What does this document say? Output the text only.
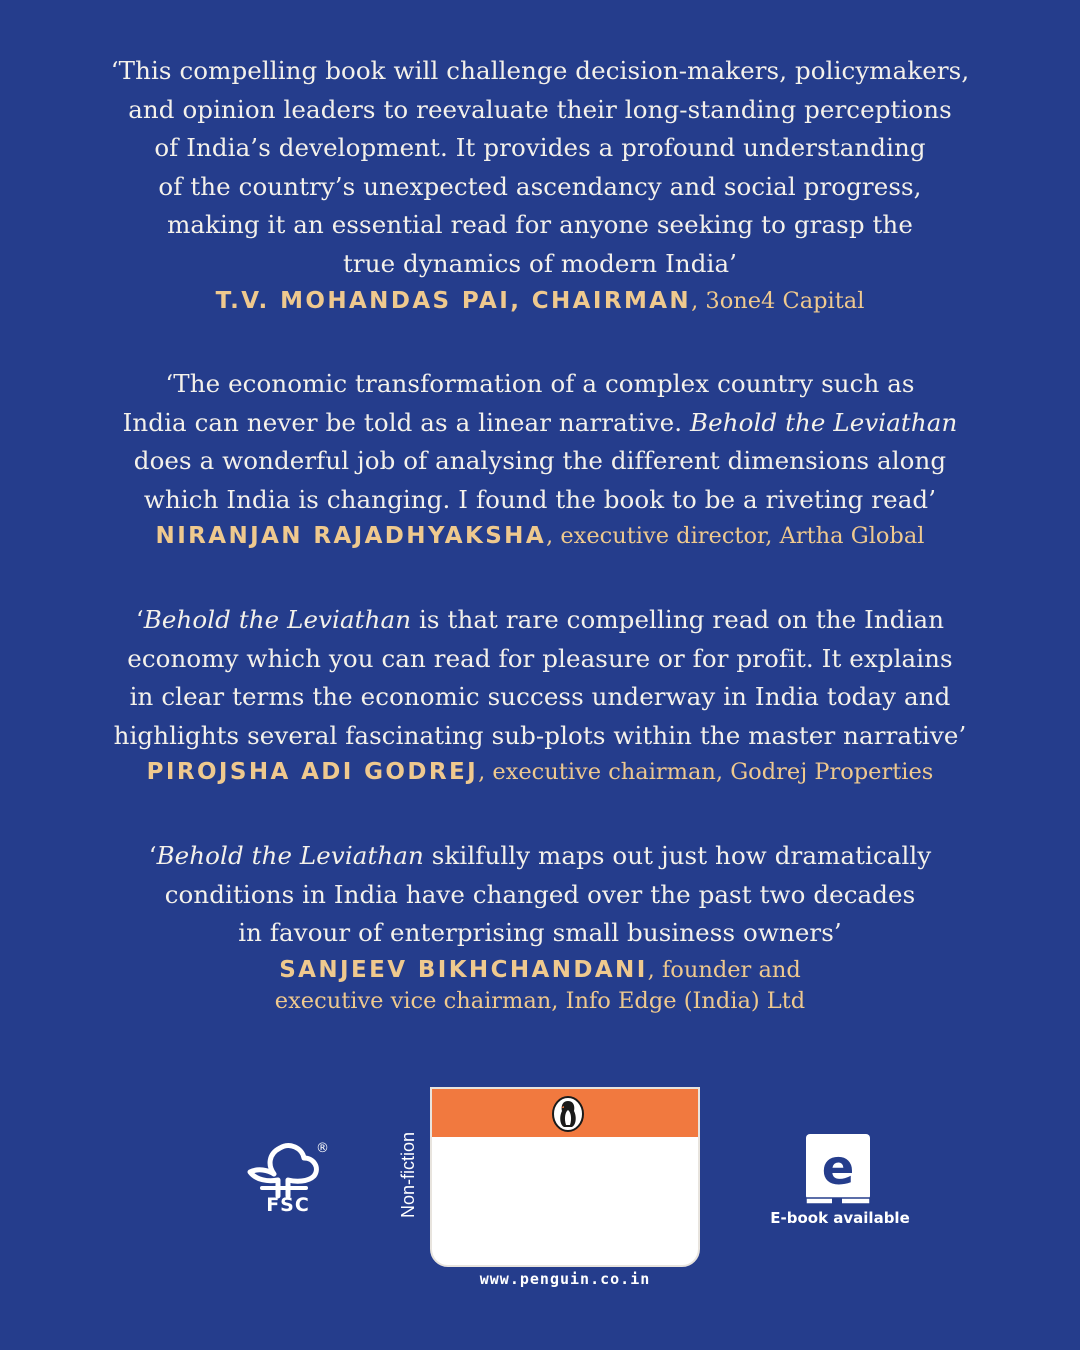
‘This compelling book will challenge decision-makers, policymakers,
and opinion leaders to reevaluate their long-standing perceptions
of India’s development. It provides a profound understanding
of the country’s unexpected ascendancy and social progress,
making it an essential read for anyone seeking to grasp the
true dynamics of modern India’
T.V. MOHANDAS PAI, CHAIRMAN, 3one4 Capital
‘The economic transformation of a complex country such as
India can never be told as a linear narrative. Behold the Leviathan
does a wonderful job of analysing the different dimensions along
which India is changing. I found the book to be a riveting read’
NIRANJAN RAJADHYAKSHA, executive director, Artha Global
‘Behold the Leviathan is that rare compelling read on the Indian
economy which you can read for pleasure or for profit. It explains
in clear terms the economic success underway in India today and
highlights several fascinating sub-plots within the master narrative’
PIROJSHA ADI GODREJ, executive chairman, Godrej Properties
‘Behold the Leviathan skilfully maps out just how dramatically
conditions in India have changed over the past two decades
in favour of enterprising small business owners’
SANJEEV BIKHCHANDANI, founder and
executive vice chairman, Info Edge (India) Ltd
®
FSC	Non-fiction
www.penguin.co.in
e
E-book available
